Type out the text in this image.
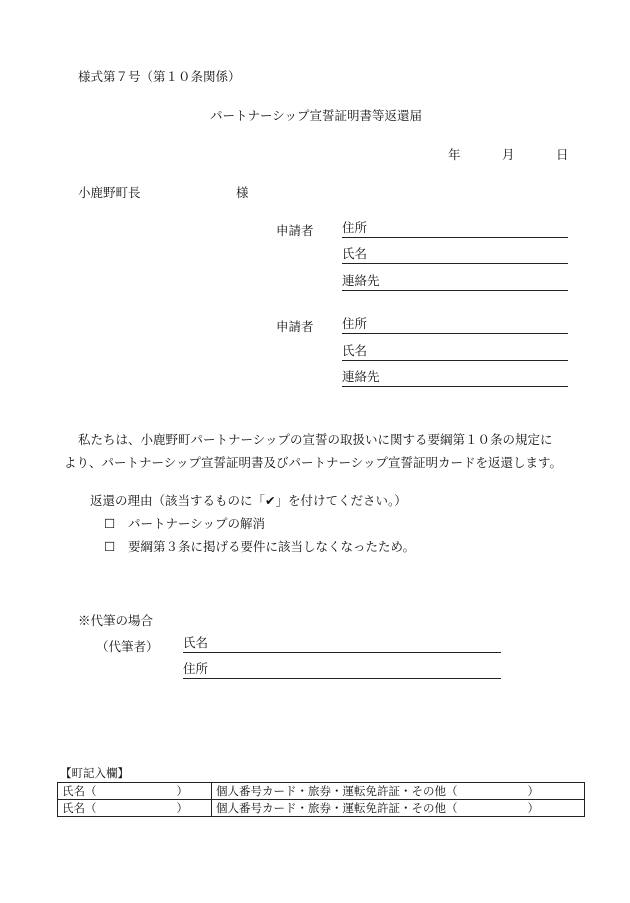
様式第７号（第１０条関係）
パートナーシップ宣誓証明書等返還届
年	月	日
小鹿野町長	様
申請者 住所
氏名
連絡先
申請者 住所
氏名
連絡先
私たちは、小鹿野町パートナーシップの宣誓の取扱いに関する要綱第１０条の規定に
より、パートナーシップ宣誓証明書及びパートナーシップ宣誓証明カードを返還します。
返還の理由（該当するものに「✔」を付けてください。）
☐ パートナーシップの解消
☐ 要綱第３条に掲げる要件に該当しなくなったため。
※代筆の場合
（代筆者） 氏名
住所
【町記入欄】
氏名（ ）	個人番号カード・旅券・運転免許証・その他（ ）
氏名（ ）	個人番号カード・旅券・運転免許証・その他（ ）
